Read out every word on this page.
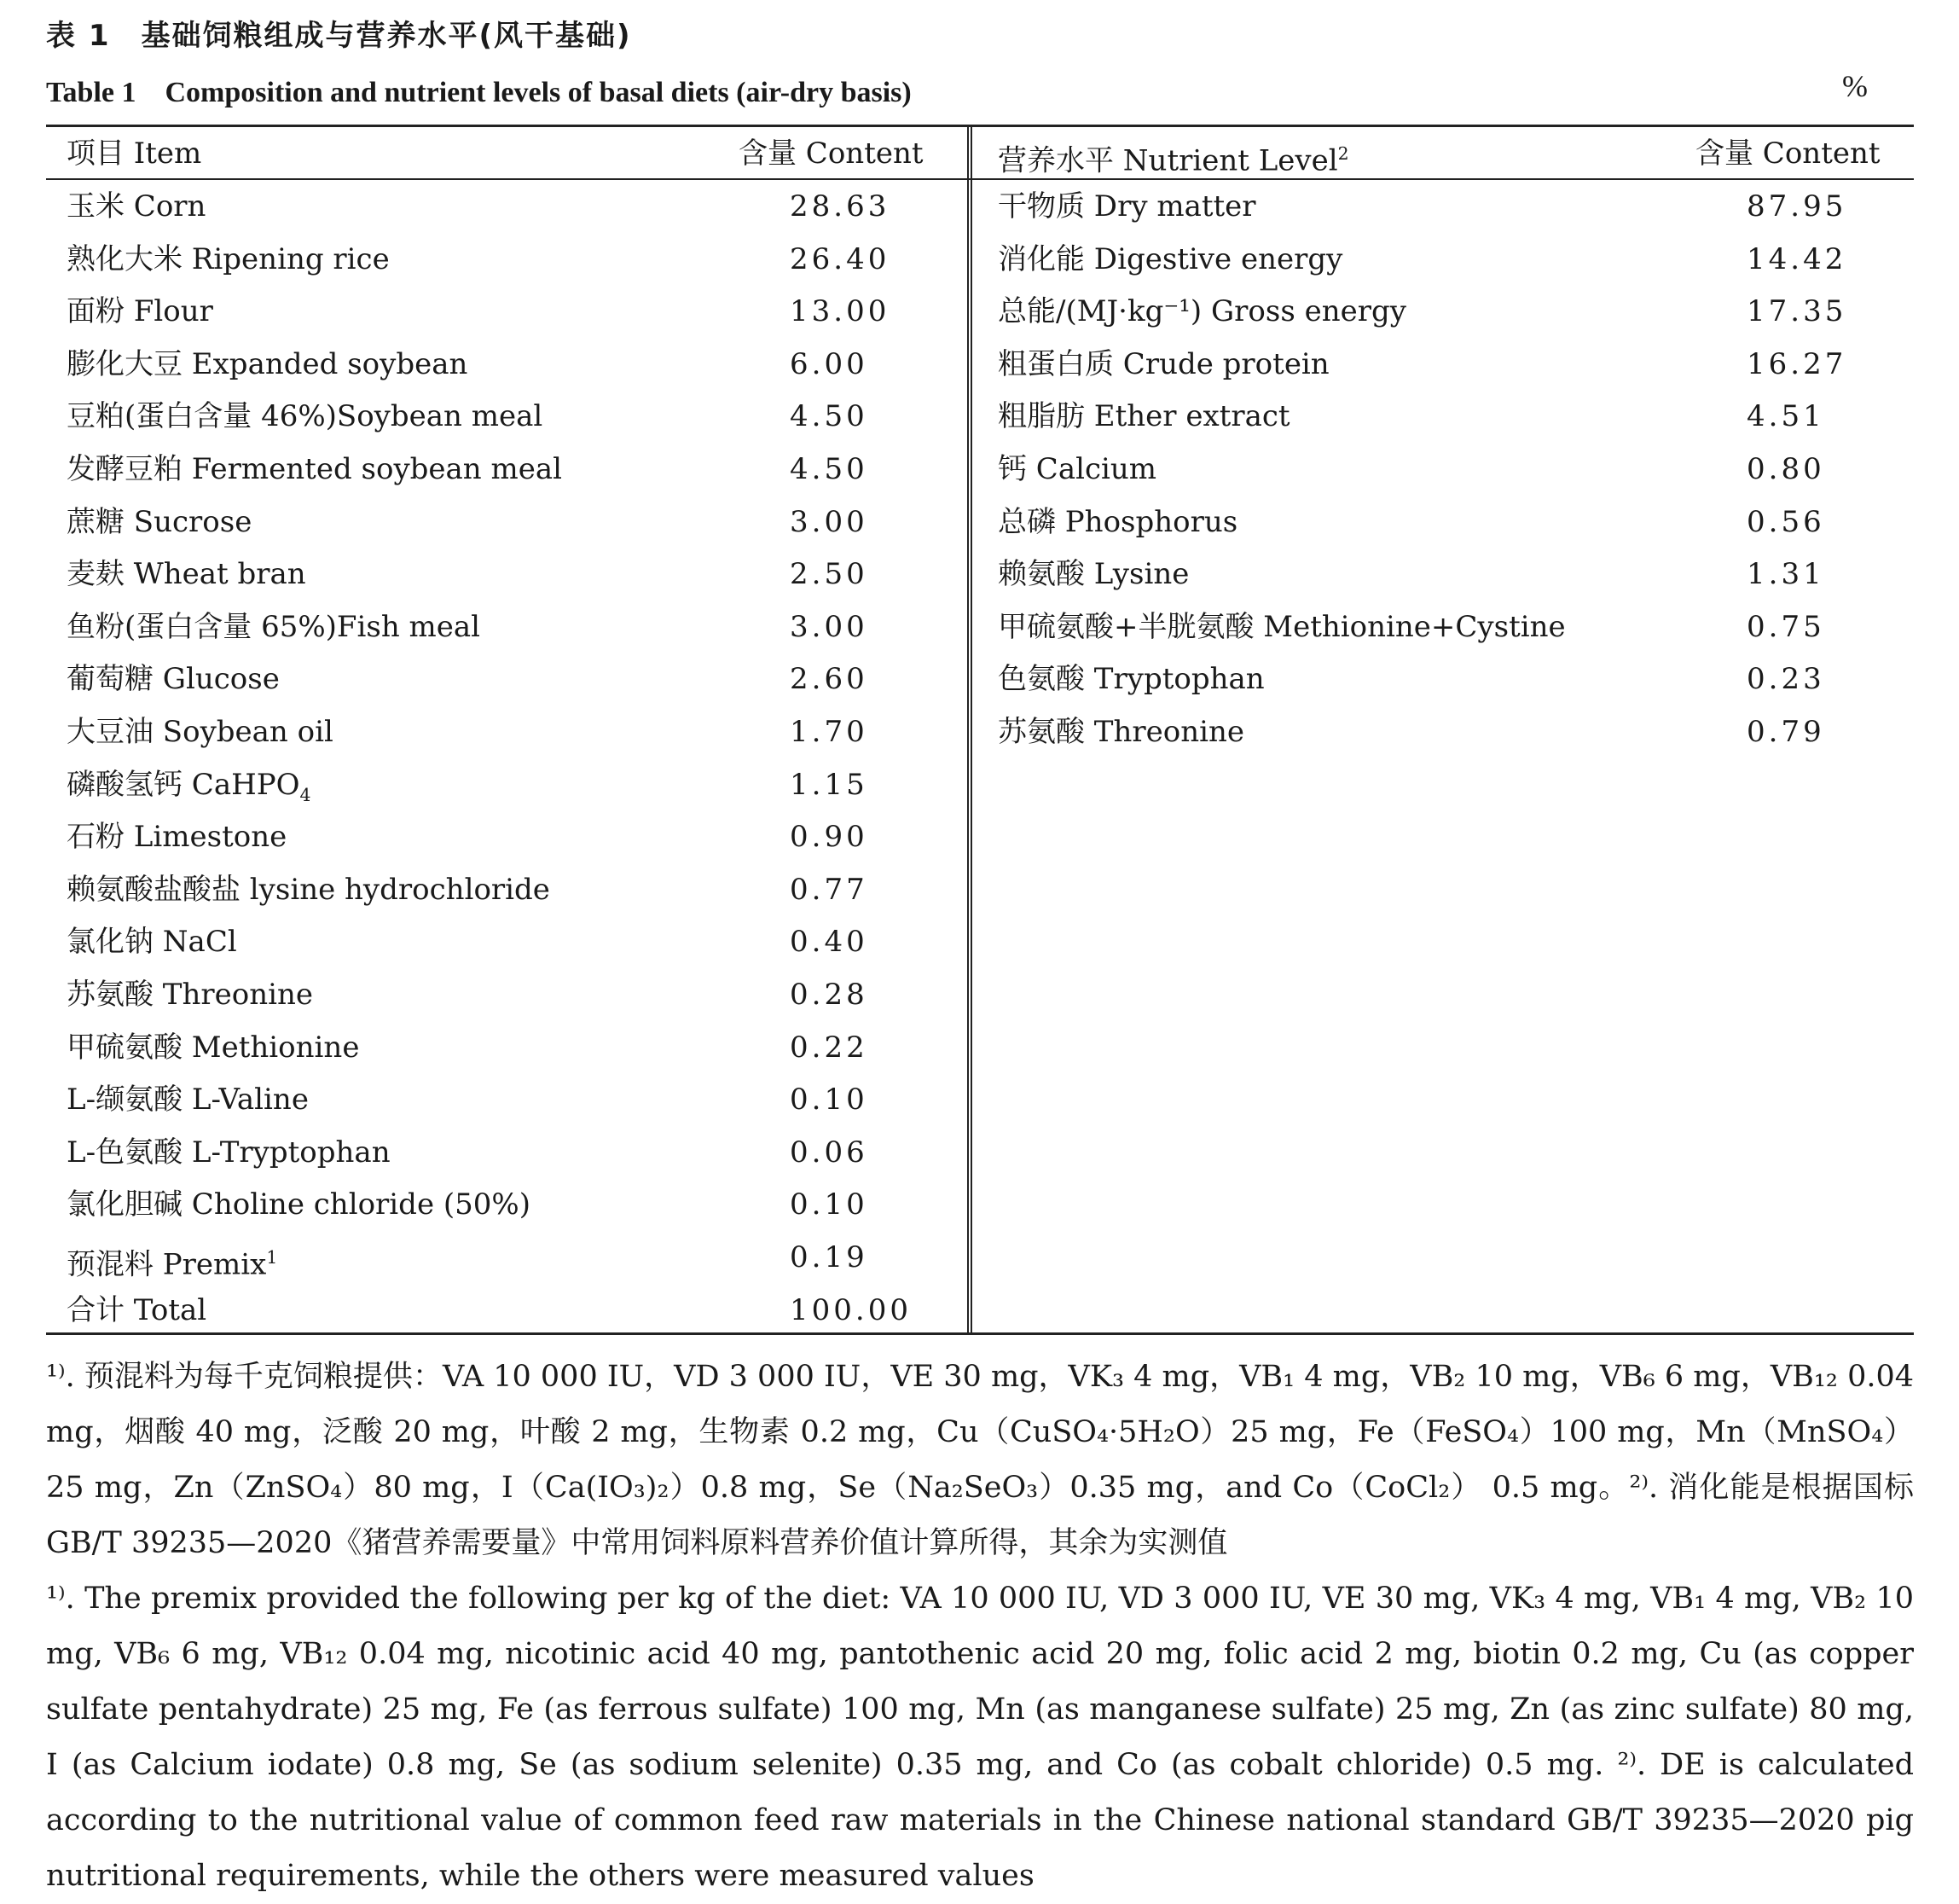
表 1　基础饲粮组成与营养水平(风干基础)
Table 1　Composition and nutrient levels of basal diets (air-dry basis)	%
项目 Item	含量 Content	营养水平 Nutrient Level$^2$	含量 Content
玉米 Corn	28.63
熟化大米 Ripening rice	26.40
面粉 Flour	13.00
膨化大豆 Expanded soybean	6.00
豆粕(蛋白含量 46%)Soybean meal	4.50
发酵豆粕 Fermented soybean meal	4.50
蔗糖 Sucrose	3.00
麦麸 Wheat bran	2.50
鱼粉(蛋白含量 65%)Fish meal	3.00
葡萄糖 Glucose	2.60
大豆油 Soybean oil	1.70
磷酸氢钙 CaHPO$_4$	1.15
石粉 Limestone	0.90
赖氨酸盐酸盐 lysine hydrochloride	0.77
氯化钠 NaCl	0.40
苏氨酸 Threonine	0.28
甲硫氨酸 Methionine	0.22
L-缬氨酸 L-Valine	0.10
L-色氨酸 L-Tryptophan	0.06
氯化胆碱 Choline chloride (50%)	0.10
预混料 Premix$^1$	0.19
合计 Total	100.00
干物质 Dry matter	87.95
消化能 Digestive energy	14.42
总能/(MJ·kg⁻¹) Gross energy	17.35
粗蛋白质 Crude protein	16.27
粗脂肪 Ether extract	4.51
钙 Calcium	0.80
总磷 Phosphorus	0.56
赖氨酸 Lysine	1.31
甲硫氨酸+半胱氨酸 Methionine+Cystine	0.75
色氨酸 Tryptophan	0.23
苏氨酸 Threonine	0.79
¹⁾. 预混料为每千克饲粮提供：VA 10 000 IU，VD 3 000 IU，VE 30 mg，VK₃ 4 mg，VB₁ 4 mg，VB₂ 10 mg，VB₆ 6 mg，VB₁₂ 0.04 mg，烟酸 40 mg，泛酸 20 mg，叶酸 2 mg，生物素 0.2 mg，Cu（CuSO₄·5H₂O）25 mg，Fe（FeSO₄）100 mg，Mn（MnSO₄）25 mg，Zn（ZnSO₄）80 mg，I（Ca(IO₃)₂）0.8 mg，Se（Na₂SeO₃）0.35 mg，and Co（CoCl₂） 0.5 mg。²⁾. 消化能是根据国标 GB/T 39235—2020《猪营养需要量》中常用饲料原料营养价值计算所得，其余为实测值
¹⁾. The premix provided the following per kg of the diet: VA 10 000 IU, VD 3 000 IU, VE 30 mg, VK₃ 4 mg, VB₁ 4 mg, VB₂ 10 mg, VB₆ 6 mg, VB₁₂ 0.04 mg, nicotinic acid 40 mg, pantothenic acid 20 mg, folic acid 2 mg, biotin 0.2 mg, Cu (as copper sulfate pentahydrate) 25 mg, Fe (as ferrous sulfate) 100 mg, Mn (as manganese sulfate) 25 mg, Zn (as zinc sulfate) 80 mg, I (as Calcium iodate) 0.8 mg, Se (as sodium selenite) 0.35 mg, and Co (as cobalt chloride) 0.5 mg. ²⁾. DE is calculated according to the nutritional value of common feed raw materials in the Chinese national standard GB/T 39235—2020 pig nutritional requirements, while the others were measured values
